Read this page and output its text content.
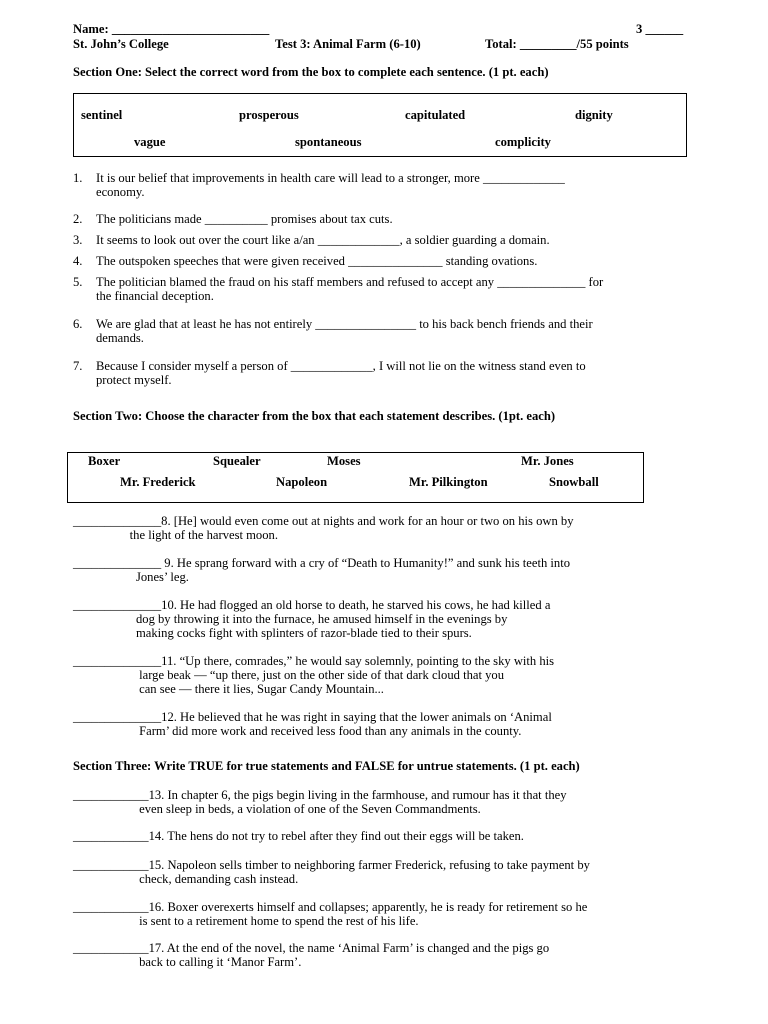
Name: _________________________	3 ______
St. John’s College	Test 3: Animal Farm (6-10)	Total: _________/55 points
Section One: Select the correct word from the box to complete each sentence. (1 pt. each)
sentinel	prosperous	capitulated	dignity
vague	spontaneous	complicity
1. It is our belief that improvements in health care will lead to a stronger, more _____________
economy.
2. The politicians made __________ promises about tax cuts.
3. It seems to look out over the court like a/an _____________, a soldier guarding a domain.
4. The outspoken speeches that were given received _______________ standing ovations.
5. The politician blamed the fraud on his staff members and refused to accept any ______________ for
the financial deception.
6. We are glad that at least he has not entirely ________________ to his back bench friends and their
demands.
7. Because I consider myself a person of _____________, I will not lie on the witness stand even to
protect myself.
Section Two: Choose the character from the box that each statement describes. (1pt. each)
Boxer	Squealer	Moses	Mr. Jones
Mr. Frederick	Napoleon	Mr. Pilkington	Snowball
______________8. [He] would even come out at nights and work for an hour or two on his own by
the light of the harvest moon.
______________ 9. He sprang forward with a cry of “Death to Humanity!” and sunk his teeth into
Jones’ leg.
______________10. He had flogged an old horse to death, he starved his cows, he had killed a
dog by throwing it into the furnace, he amused himself in the evenings by
making cocks fight with splinters of razor-blade tied to their spurs.
______________11. “Up there, comrades,” he would say solemnly, pointing to the sky with his
large beak — “up there, just on the other side of that dark cloud that you
can see — there it lies, Sugar Candy Mountain...
______________12. He believed that he was right in saying that the lower animals on ‘Animal
Farm’ did more work and received less food than any animals in the county.
Section Three: Write TRUE for true statements and FALSE for untrue statements. (1 pt. each)
____________13. In chapter 6, the pigs begin living in the farmhouse, and rumour has it that they
even sleep in beds, a violation of one of the Seven Commandments.
____________14. The hens do not try to rebel after they find out their eggs will be taken.
____________15. Napoleon sells timber to neighboring farmer Frederick, refusing to take payment by
check, demanding cash instead.
____________16. Boxer overexerts himself and collapses; apparently, he is ready for retirement so he
is sent to a retirement home to spend the rest of his life.
____________17. At the end of the novel, the name ‘Animal Farm’ is changed and the pigs go
back to calling it ‘Manor Farm’.
